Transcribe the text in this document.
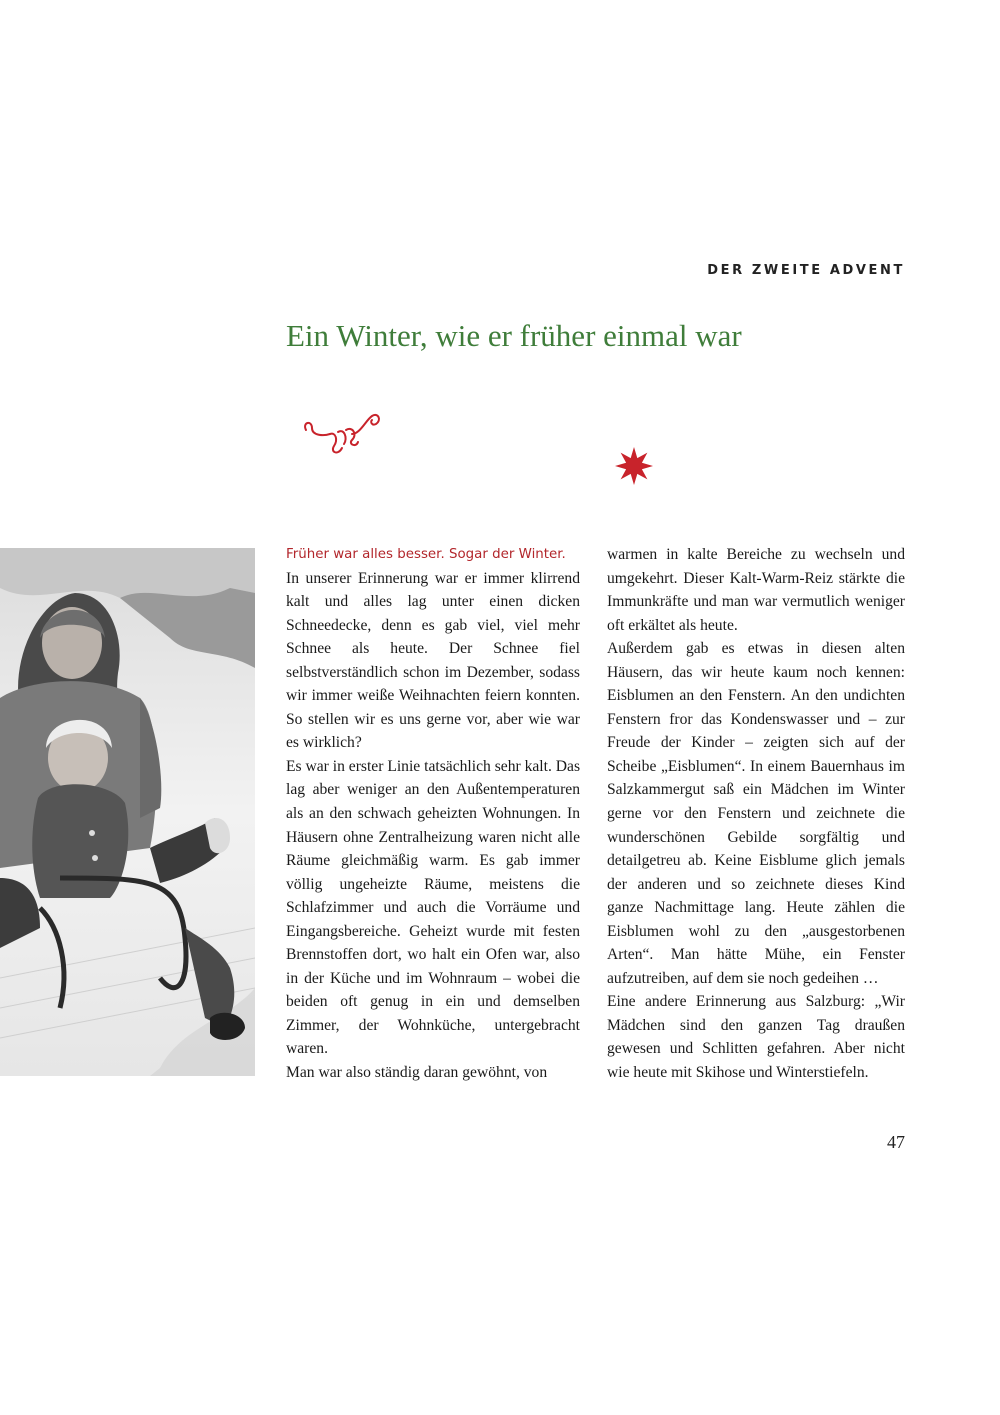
DER ZWEITE ADVENT
Ein Winter, wie er früher einmal war

Früher war alles besser. Sogar der Winter.

In unserer Erinnerung war er immer klirrend kalt und alles lag unter einen dicken Schneedecke, denn es gab viel, viel mehr Schnee als heute. Der Schnee fiel selbstverständlich schon im Dezember, sodass wir immer weiße Weihnachten feiern konnten. So stellen wir es uns gerne vor, aber wie war es wirklich?

Es war in erster Linie tatsächlich sehr kalt. Das lag aber weniger an den Außentemperaturen als an den schwach geheizten Wohnungen. In Häusern ohne Zentralheizung waren nicht alle Räume gleichmäßig warm. Es gab immer völlig ungeheizte Räume, meistens die Schlafzimmer und auch die Vorräume und Eingangsbereiche. Geheizt wurde mit festen Brennstoffen dort, wo halt ein Ofen war, also in der Küche und im Wohnraum – wobei die beiden oft genug in ein und demselben Zimmer, der Wohnküche, untergebracht waren.

Man war also ständig daran gewöhnt, von

warmen in kalte Bereiche zu wechseln und umgekehrt. Dieser Kalt-Warm-Reiz stärkte die Immunkräfte und man war vermutlich weniger oft erkältet als heute.

Außerdem gab es etwas in diesen alten Häusern, das wir heute kaum noch kennen: Eisblumen an den Fenstern. An den undichten Fenstern fror das Kondenswasser und – zur Freude der Kinder – zeigten sich auf der Scheibe „Eisblumen“. In einem Bauernhaus im Salzkammergut saß ein Mädchen im Winter gerne vor den Fenstern und zeichnete die wunderschönen Gebilde sorgfältig und detailgetreu ab. Keine Eisblume glich jemals der anderen und so zeichnete dieses Kind ganze Nachmittage lang. Heute zählen die Eisblumen wohl zu den „ausgestorbenen Arten“. Man hätte Mühe, ein Fenster aufzutreiben, auf dem sie noch gedeihen …

Eine andere Erinnerung aus Salzburg: „Wir Mädchen sind den ganzen Tag draußen gewesen und Schlitten gefahren. Aber nicht wie heute mit Skihose und Winterstiefeln.

47
